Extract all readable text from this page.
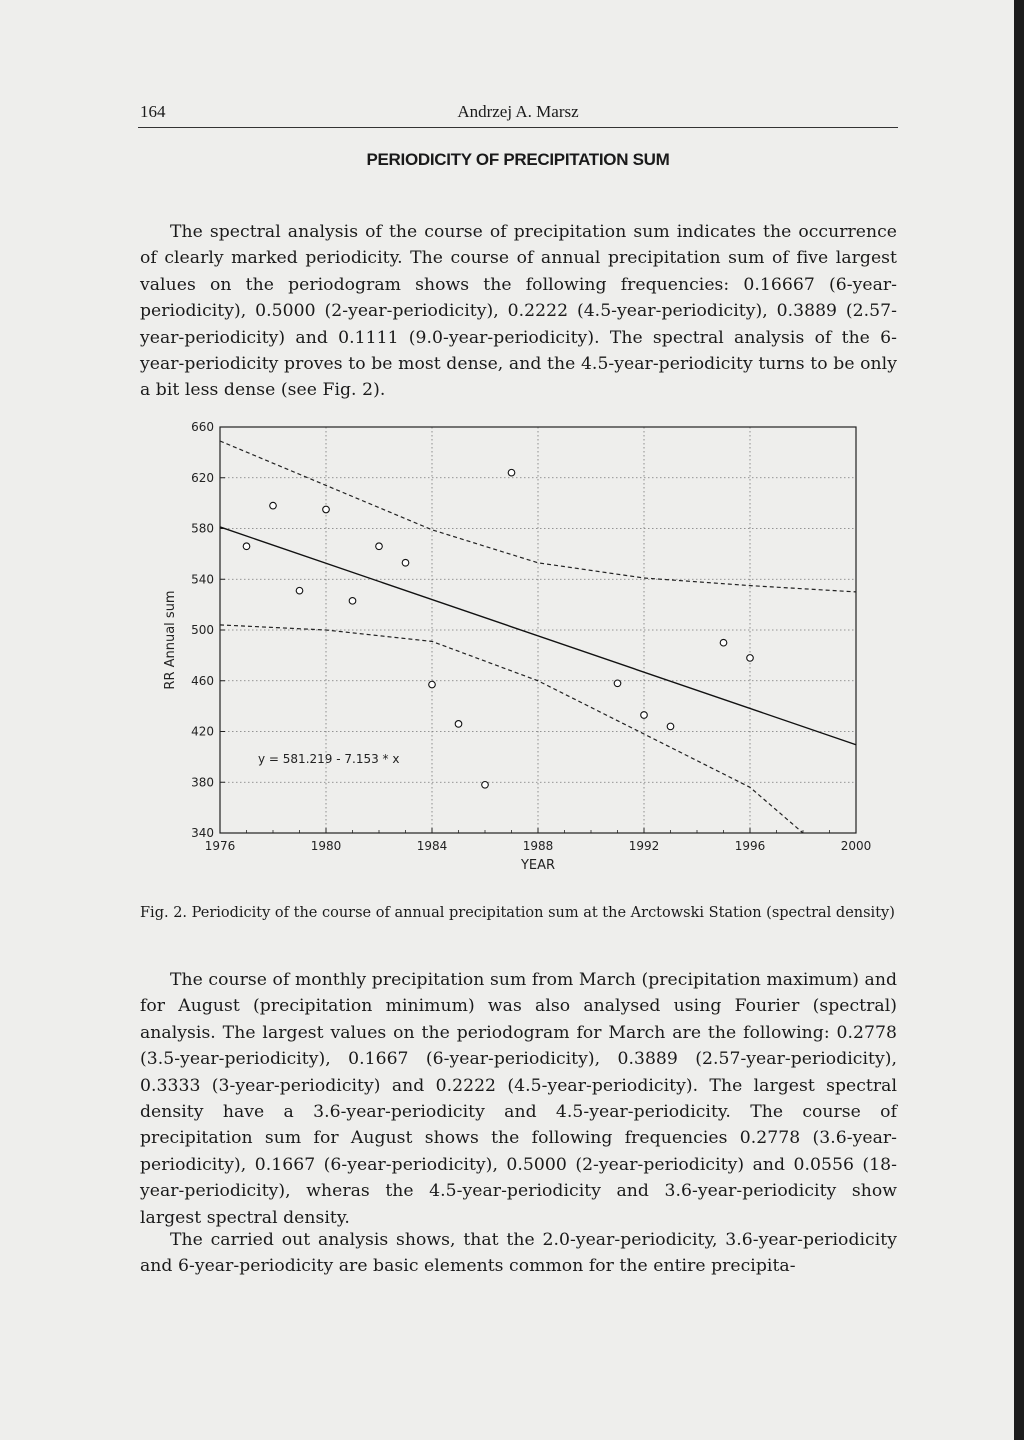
164	Andrzej A. Marsz
PERIODICITY OF PRECIPITATION SUM

The spectral analysis of the course of precipitation sum indicates the occurrence of clearly marked periodicity. The course of annual precipitation sum of five largest values on the periodogram shows the following frequencies: 0.16667 (6-year-periodicity), 0.5000 (2-year-periodicity), 0.2222 (4.5-year-periodicity), 0.3889 (2.57-year-periodicity) and 0.1111 (9.0-year-periodicity). The spectral analysis of the 6-year-periodicity proves to be most dense, and the 4.5-year-periodicity turns to be only a bit less dense (see Fig. 2).

1976	1980	1984	1988	1992	1996	2000
660
620
580
540
500
460
420
380
340
YEAR
RR Annual sum
y = 581.219 - 7.153 * x
Fig. 2. Periodicity of the course of annual precipitation sum at the Arctowski Station (spectral density)

The course of monthly precipitation sum from March (precipitation maximum) and for August (precipitation minimum) was also analysed using Fourier (spectral) analysis. The largest values on the periodogram for March are the following: 0.2778 (3.5-year-periodicity), 0.1667 (6-year-periodicity), 0.3889 (2.57-year-periodicity), 0.3333 (3-year-periodicity) and 0.2222 (4.5-year-periodicity). The largest spectral density have a 3.6-year-periodicity and 4.5-year-periodicity. The course of precipitation sum for August shows the following frequencies 0.2778 (3.6-year-periodicity), 0.1667 (6-year-periodicity), 0.5000 (2-year-periodicity) and 0.0556 (18-year-periodicity), wheras the 4.5-year-periodicity and 3.6-year-periodicity show largest spectral density.

The carried out analysis shows, that the 2.0-year-periodicity, 3.6-year-periodicity and 6-year-periodicity are basic elements common for the entire precipita-
